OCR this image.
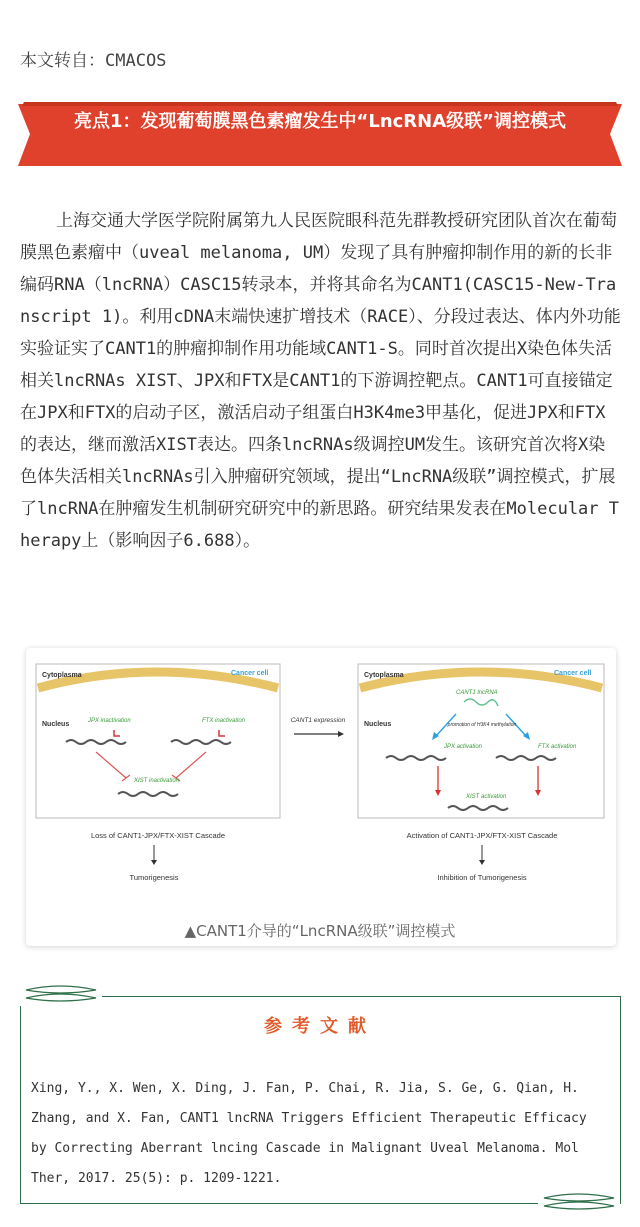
本文转自：CMACOS
亮点1：发现葡萄膜黑色素瘤发生中“LncRNA级联”调控模式

上海交通大学医学院附属第九人民医院眼科范先群教授研究团队首次在葡萄膜黑色素瘤中（uveal melanoma, UM）发现了具有肿瘤抑制作用的新的长非编码RNA（lncRNA）CASC15转录本，并将其命名为CANT1(CASC15-New-Transcript 1)。利用cDNA末端快速扩增技术（RACE）、分段过表达、体内外功能实验证实了CANT1的肿瘤抑制作用功能域CANT1-S。同时首次提出X染色体失活相关lncRNAs XIST、JPX和FTX是CANT1的下游调控靶点。CANT1可直接锚定在JPX和FTX的启动子区，激活启动子组蛋白H3K4me3甲基化，促进JPX和FTX的表达，继而激活XIST表达。四条lncRNAs级调控UM发生。该研究首次将X染色体失活相关lncRNAs引入肿瘤研究领域，提出“LncRNA级联”调控模式，扩展了lncRNA在肿瘤发生机制研究研究中的新思路。研究结果发表在Molecular Therapy上（影响因子6.688）。

Cytoplasma	Cancer cell
Nucleus	JPX inactivation	FTX inactivation
XIST inactivation
Loss of CANT1-JPX/FTX-XIST Cascade
Tumorigenesis
CANT1 expression
Cytoplasma	Cancer cell
Nucleus
CANT1 lncRNA
promotion of H3K4 methylation
JPX activation	FTX activation
XIST activation
Activation of CANT1-JPX/FTX-XIST Cascade
Inhibition of Tumorigenesis
▲CANT1介导的“LncRNA级联”调控模式
参考文献

Xing, Y., X. Wen, X. Ding, J. Fan, P. Chai, R. Jia, S. Ge, G. Qian, H. Zhang, and X. Fan, CANT1 lncRNA Triggers Efficient Therapeutic Efficacy by Correcting Aberrant lncing Cascade in Malignant Uveal Melanoma. Mol Ther, 2017. 25(5): p. 1209-1221.
